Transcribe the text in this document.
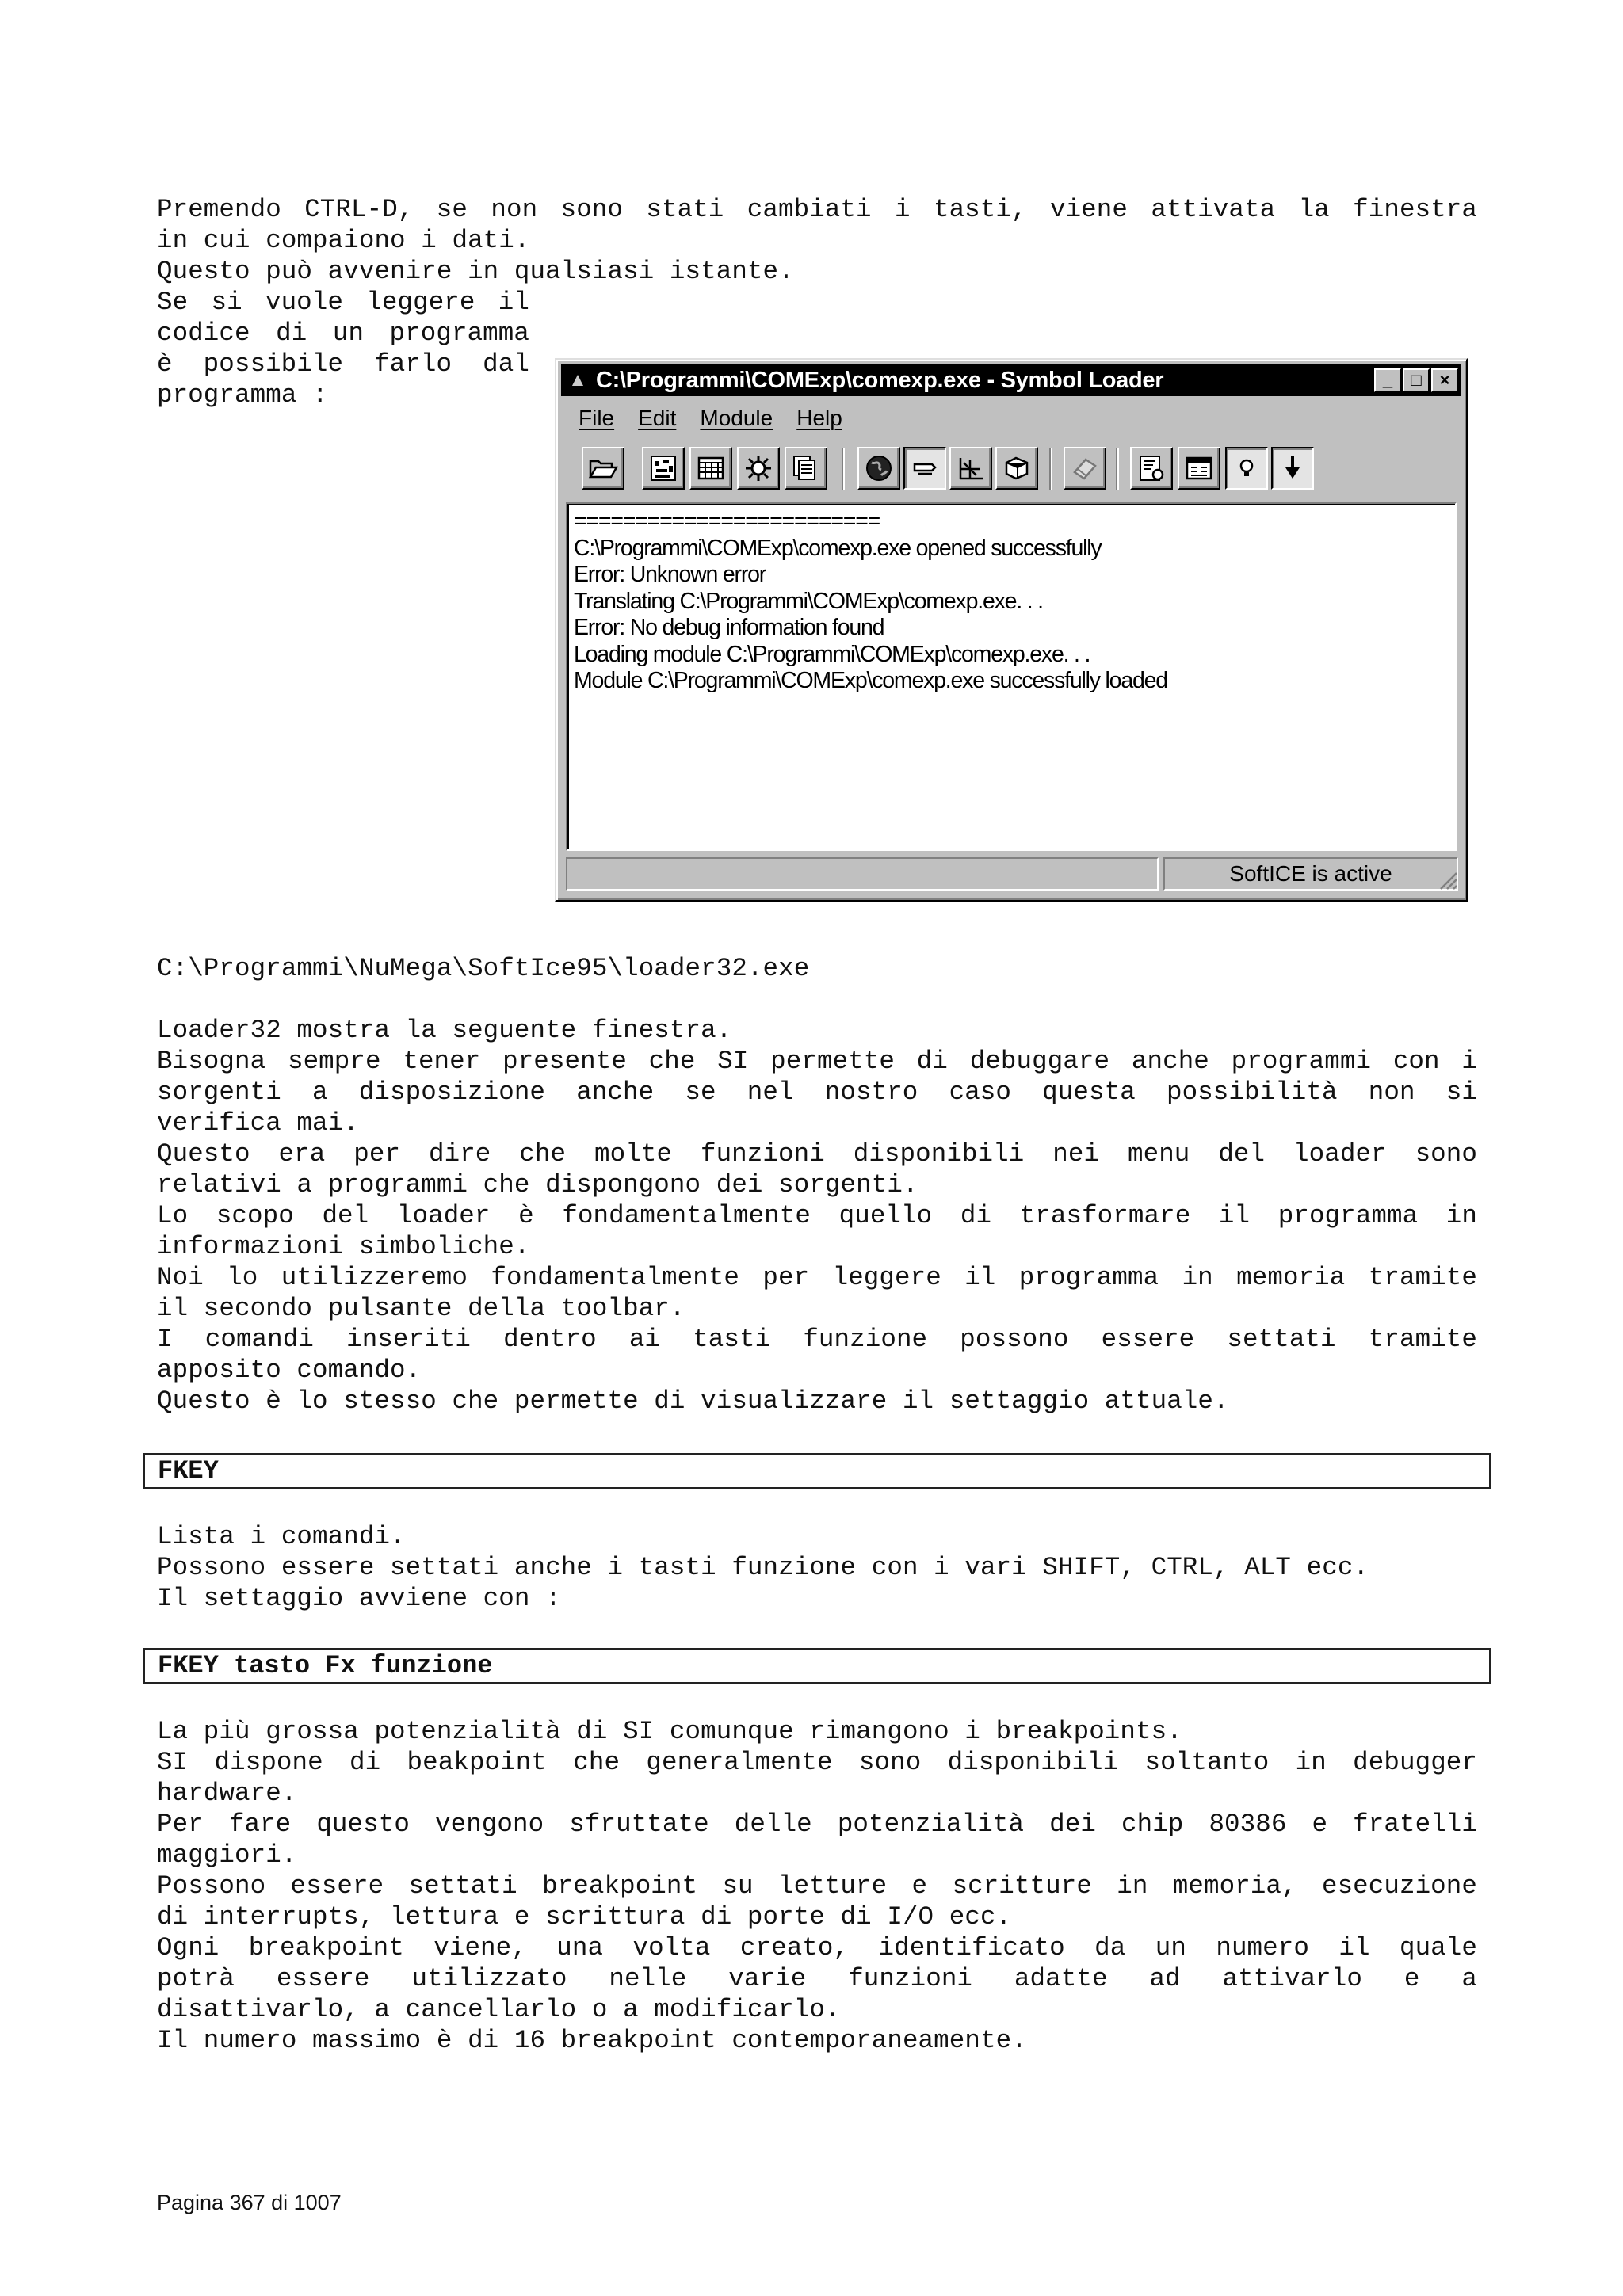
Premendo CTRL-D, se non sono stati cambiati i tasti, viene attivata la finestra
in cui compaiono i dati.
Questo può avvenire in qualsiasi istante.
Se si vuole leggere il
codice di un programma
è possibile farlo dal
programma :
▲ C:\Programmi\COMExp\comexp.exe - Symbol Loader	_	□	×
File Edit Module Help
=========================
C:\Programmi\COMExp\comexp.exe opened successfully
Error: Unknown error
Translating C:\Programmi\COMExp\comexp.exe. . .
Error: No debug information found
Loading module C:\Programmi\COMExp\comexp.exe. . .
Module C:\Programmi\COMExp\comexp.exe successfully loaded
SoftICE is active
C:\Programmi\NuMega\SoftIce95\loader32.exe
Loader32 mostra la seguente finestra.
Bisogna sempre tener presente che SI permette di debuggare anche programmi con i
sorgenti a disposizione anche se nel nostro caso questa possibilità non si
verifica mai.
Questo era per dire che molte funzioni disponibili nei menu del loader sono
relativi a programmi che dispongono dei sorgenti.
Lo scopo del loader è fondamentalmente quello di trasformare il programma in
informazioni simboliche.
Noi lo utilizzeremo fondamentalmente per leggere il programma in memoria tramite
il secondo pulsante della toolbar.
I comandi inseriti dentro ai tasti funzione possono essere settati tramite
apposito comando.
Questo è lo stesso che permette di visualizzare il settaggio attuale.
FKEY
Lista i comandi.
Possono essere settati anche i tasti funzione con i vari SHIFT, CTRL, ALT ecc.
Il settaggio avviene con :
FKEY tasto Fx funzione
La più grossa potenzialità di SI comunque rimangono i breakpoints.
SI dispone di beakpoint che generalmente sono disponibili soltanto in debugger
hardware.
Per fare questo vengono sfruttate delle potenzialità dei chip 80386 e fratelli
maggiori.
Possono essere settati breakpoint su letture e scritture in memoria, esecuzione
di interrupts, lettura e scrittura di porte di I/O ecc.
Ogni breakpoint viene, una volta creato, identificato da un numero il quale
potrà essere utilizzato nelle varie funzioni adatte ad attivarlo e a
disattivarlo, a cancellarlo o a modificarlo.
Il numero massimo è di 16 breakpoint contemporaneamente.
Pagina 367 di 1007
